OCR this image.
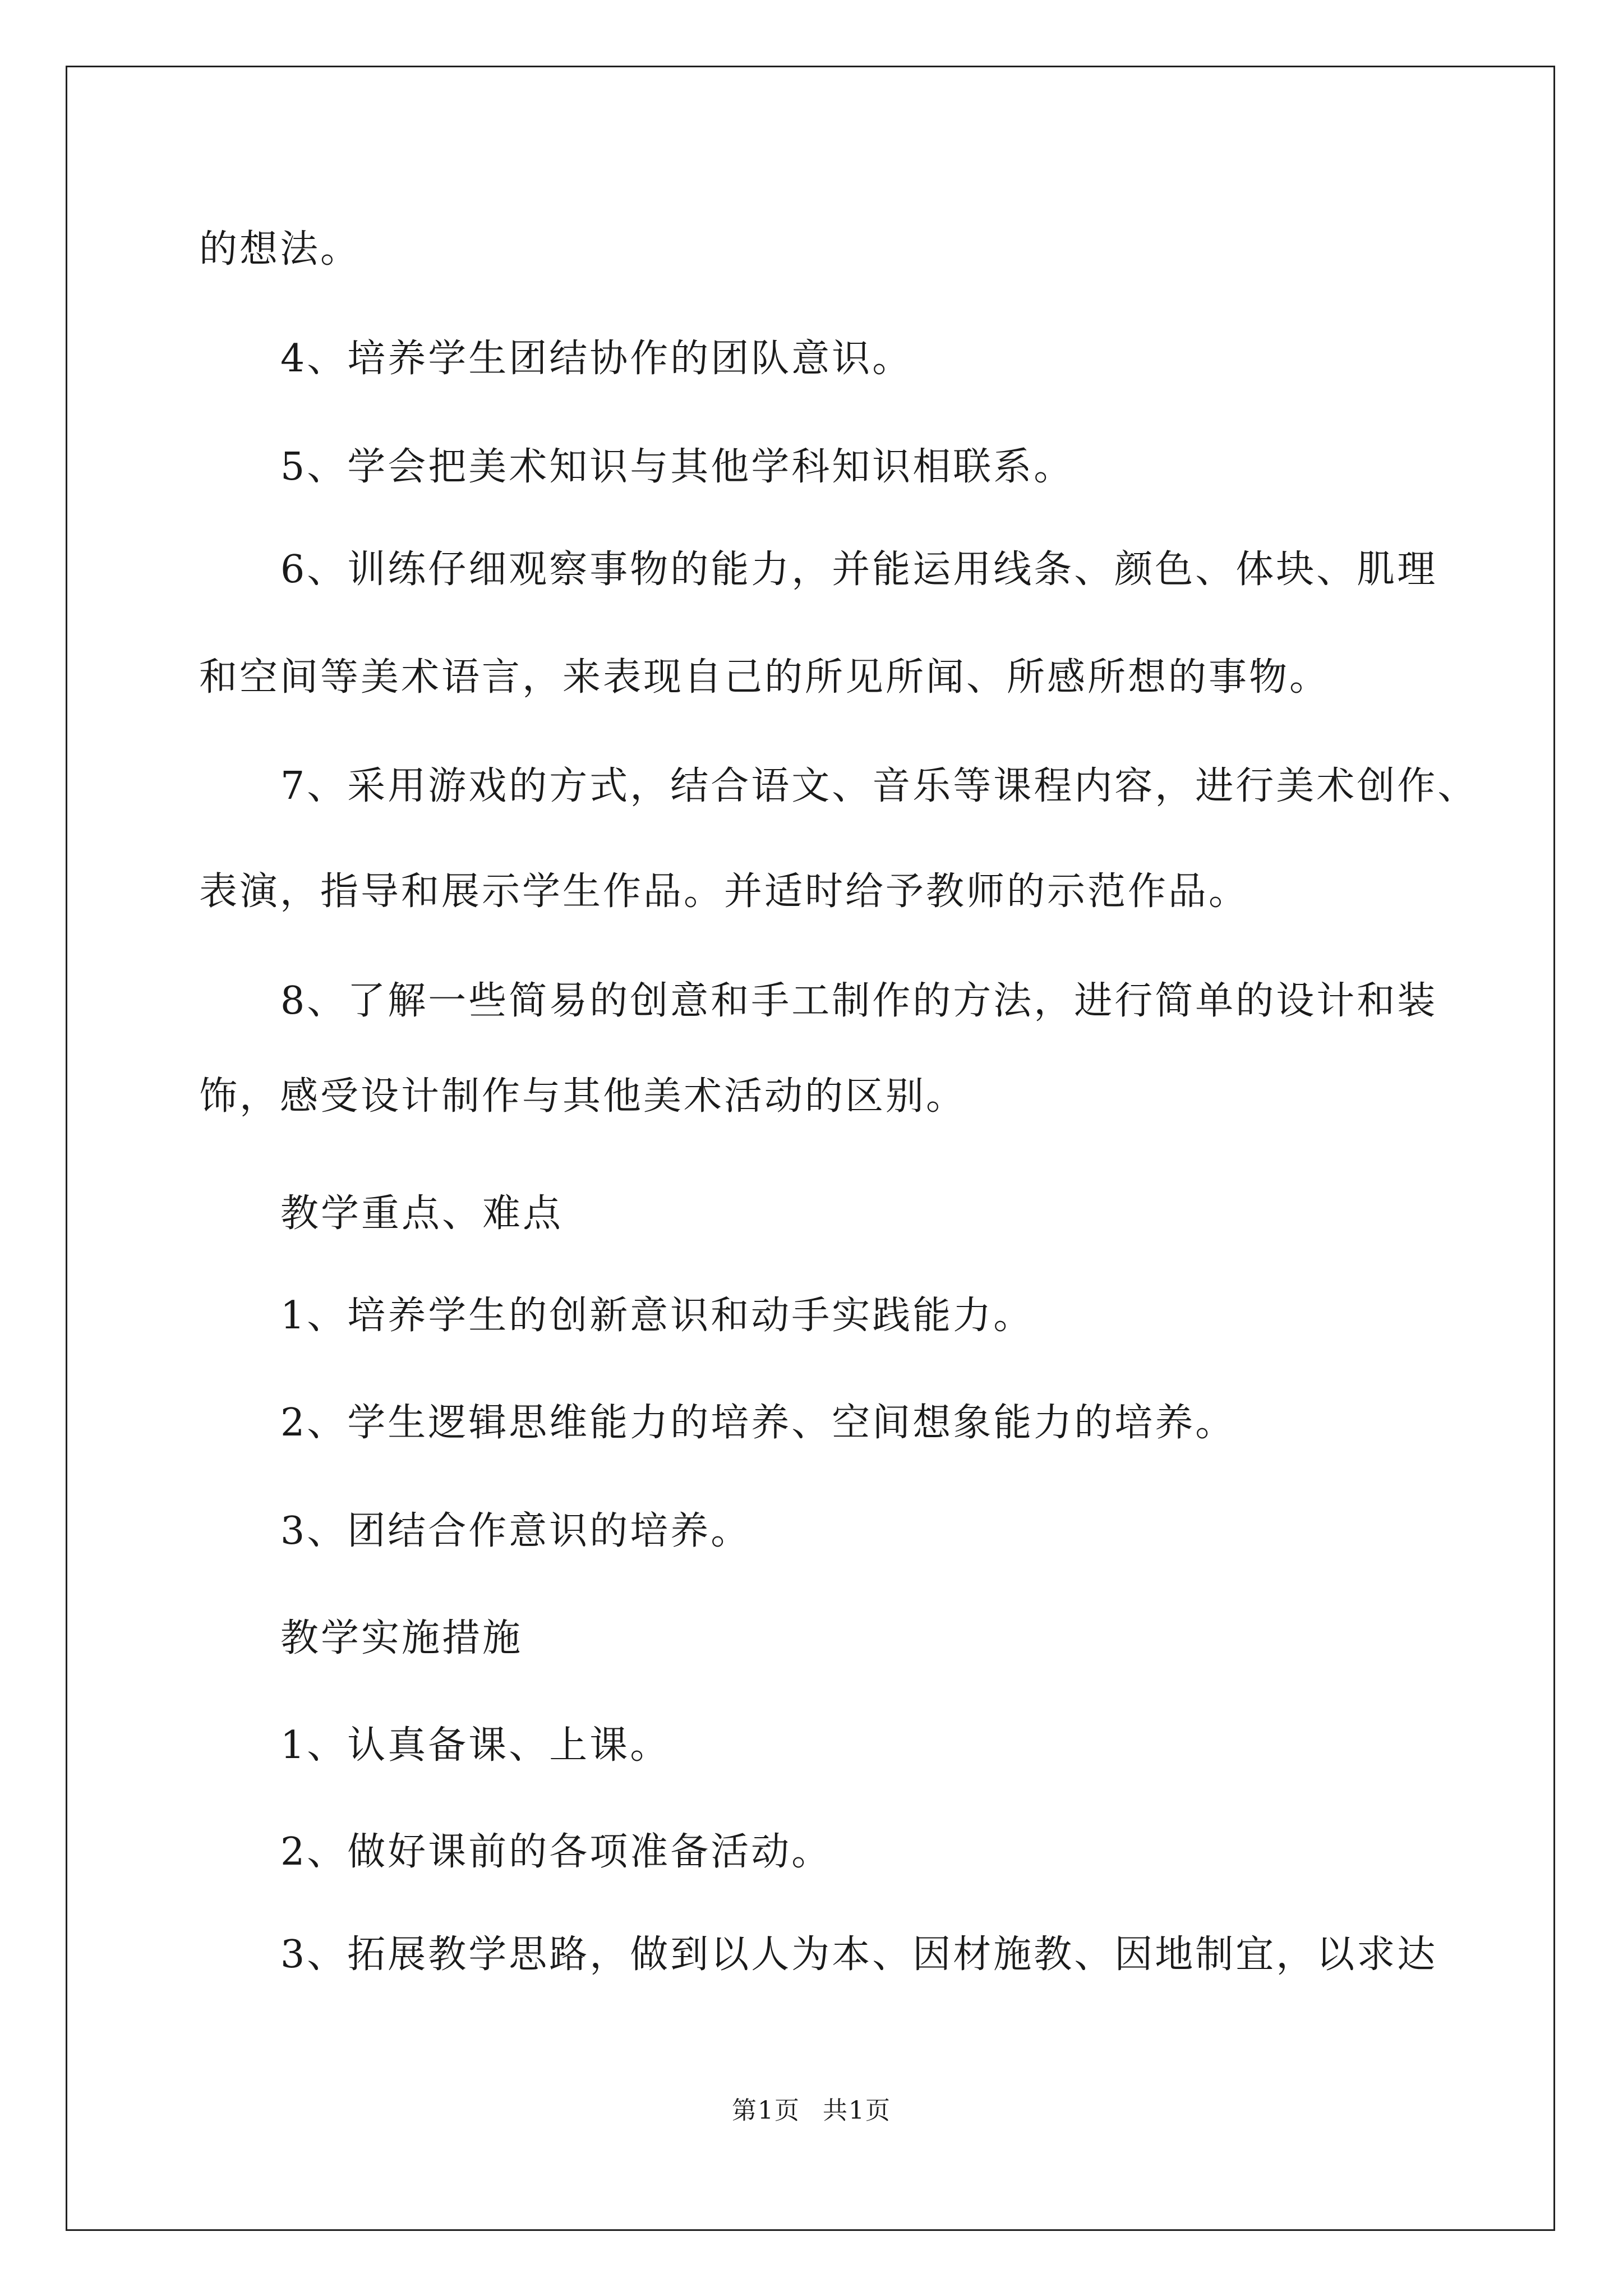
的想法。
4、培养学生团结协作的团队意识。
5、学会把美术知识与其他学科知识相联系。
6、训练仔细观察事物的能力，并能运用线条、颜色、体块、肌理
和空间等美术语言，来表现自己的所见所闻、所感所想的事物。
7、采用游戏的方式，结合语文、音乐等课程内容，进行美术创作、
表演，指导和展示学生作品。并适时给予教师的示范作品。
8、了解一些简易的创意和手工制作的方法，进行简单的设计和装
饰，感受设计制作与其他美术活动的区别。
教学重点、难点
1、培养学生的创新意识和动手实践能力。
2、学生逻辑思维能力的培养、空间想象能力的培养。
3、团结合作意识的培养。
教学实施措施
1、认真备课、上课。
2、做好课前的各项准备活动。
3、拓展教学思路，做到以人为本、因材施教、因地制宜，以求达
第1页 共1页
